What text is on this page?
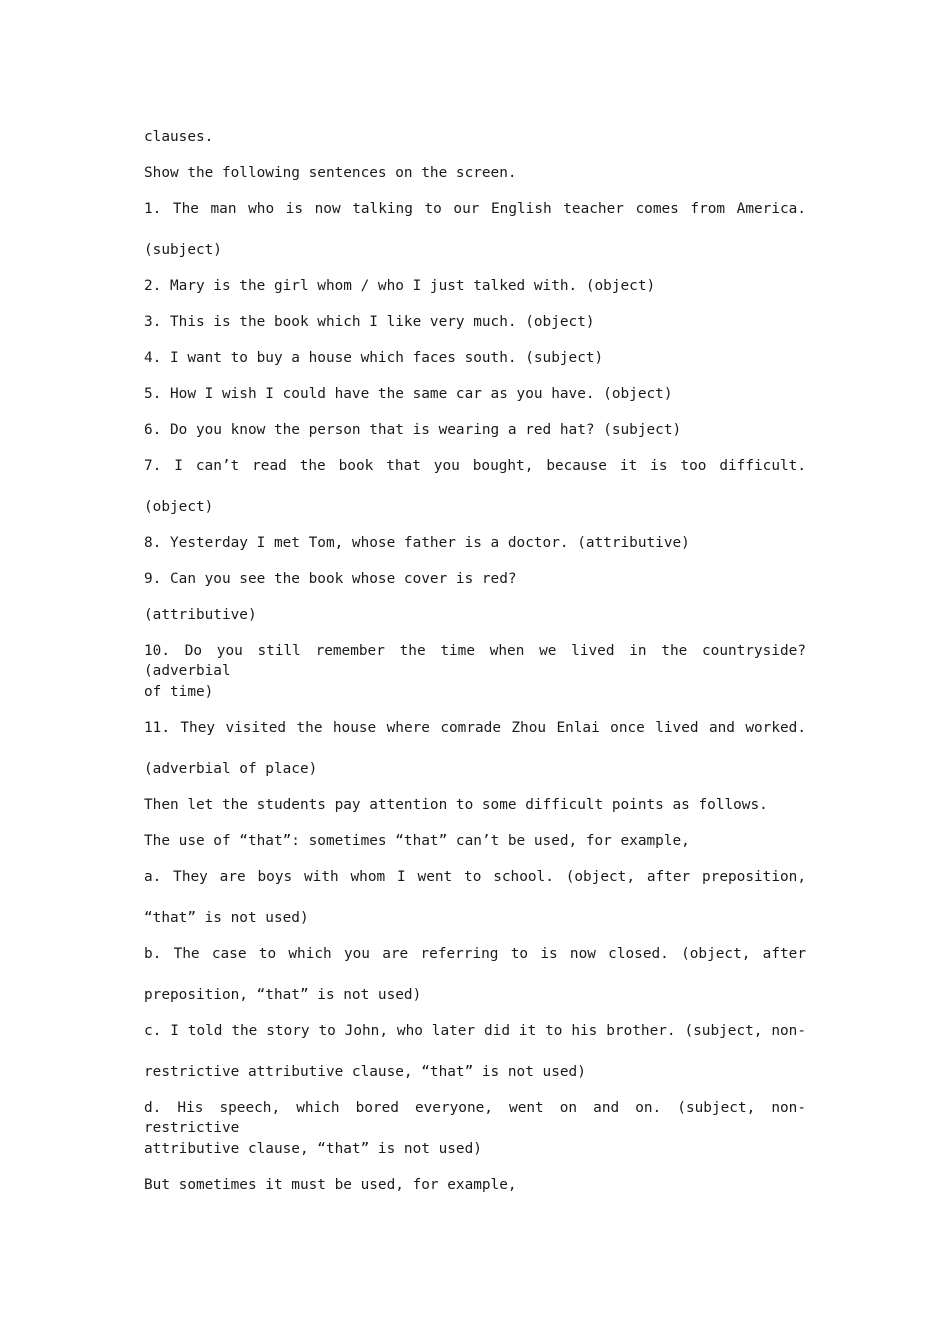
clauses.
Show the following sentences on the screen.
1. The man who is now talking to our English teacher comes from America.
(subject)
2. Mary is the girl whom / who I just talked with. (object)
3. This is the book which I like very much. (object)
4. I want to buy a house which faces south. (subject)
5. How I wish I could have the same car as you have. (object)
6. Do you know the person that is wearing a red hat? (subject)
7. I can’t read the book that you bought, because it is too difficult.
(object)
8. Yesterday I met Tom, whose father is a doctor. (attributive)
9. Can you see the book whose cover is red?
(attributive)
10. Do you still remember the time when we lived in the countryside? (adverbial
of time)
11. They visited the house where comrade Zhou Enlai once lived and worked.
(adverbial of place)
Then let the students pay attention to some difficult points as follows.
The use of “that”: sometimes “that” can’t be used, for example,
a. They are boys with whom I went to school. (object, after preposition,
“that” is not used)
b. The case to which you are referring to is now closed. (object, after
preposition, “that” is not used)
c. I told the story to John, who later did it to his brother. (subject, non-
restrictive attributive clause, “that” is not used)
d. His speech, which bored everyone, went on and on. (subject, non-restrictive
attributive clause, “that” is not used)
But sometimes it must be used, for example,
